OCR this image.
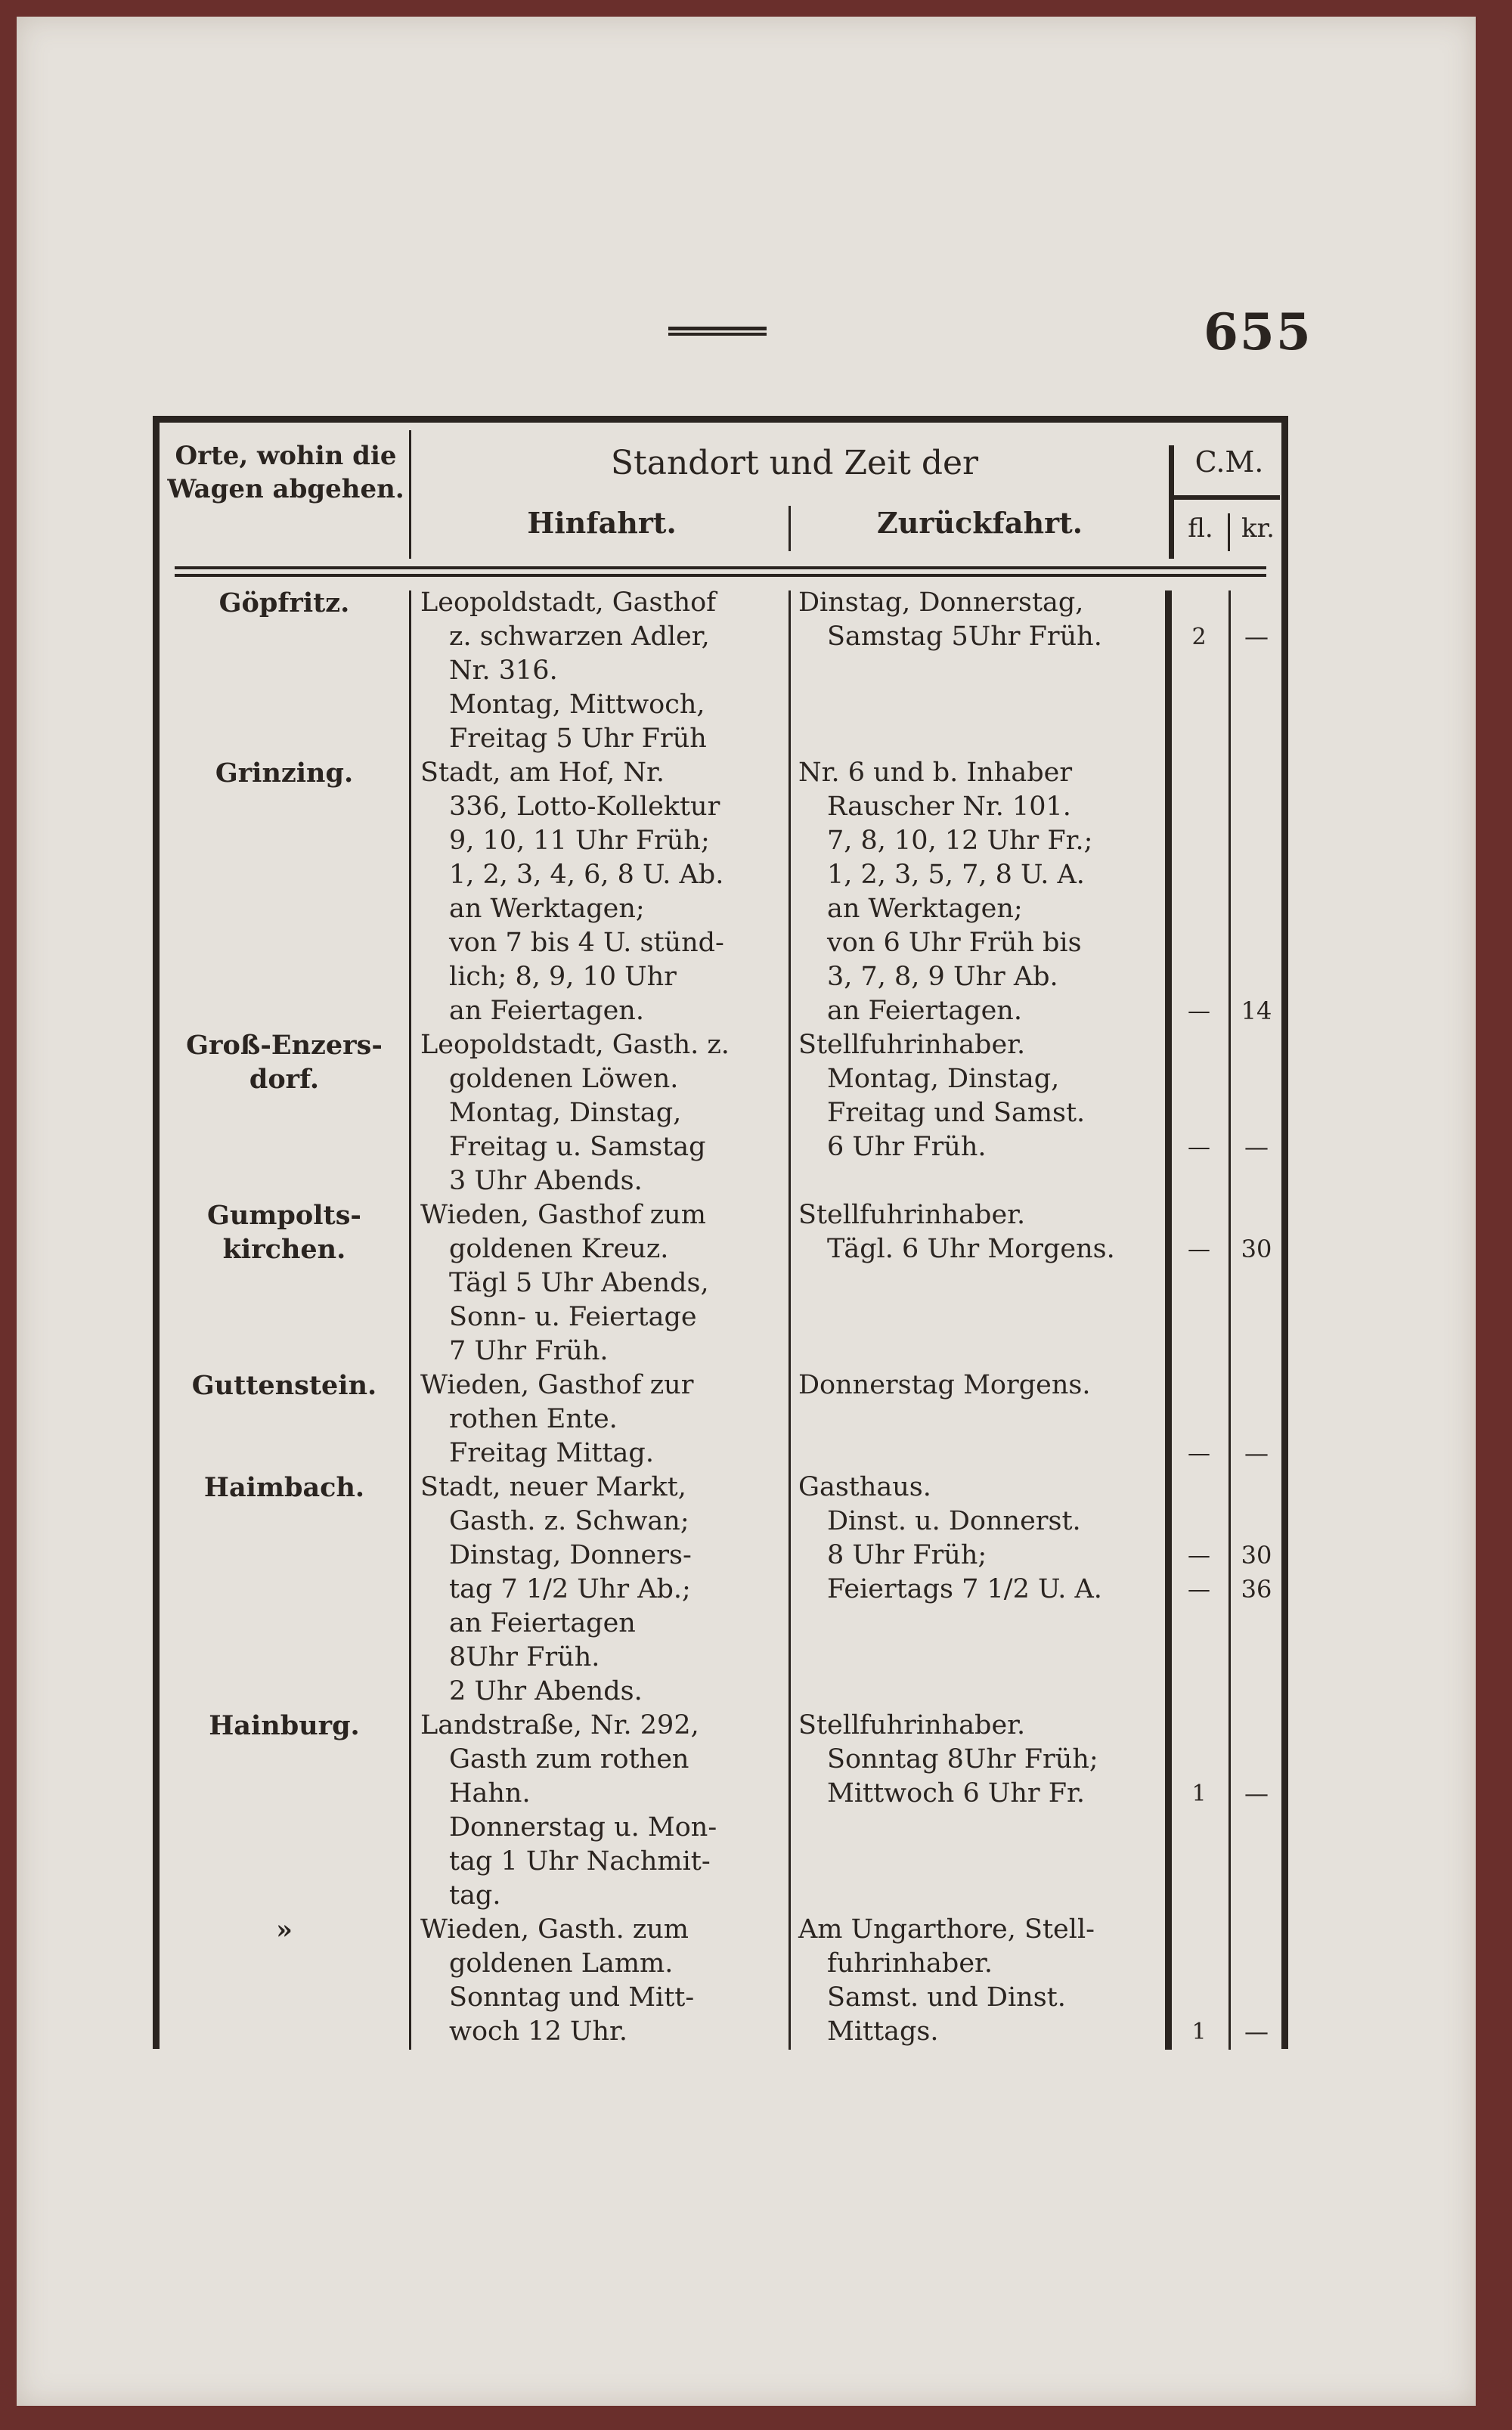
655
Orte, wohin die Wagen abgehen.
Standort und Zeit der
Hinfahrt.	Zurückfahrt.
C.M.
fl.	kr.
Göpfritz.	Leopoldstadt, Gasthof	Dinstag, Donnerstag,
z. schwarzen Adler,	Samstag 5Uhr Früh.	2	—
Nr. 316.
Montag, Mittwoch,
Freitag 5 Uhr Früh
Grinzing.	Stadt, am Hof, Nr.	Nr. 6 und b. Inhaber
336, Lotto-Kollektur	Rauscher Nr. 101.
9, 10, 11 Uhr Früh;	7, 8, 10, 12 Uhr Fr.;
1, 2, 3, 4, 6, 8 U. Ab.	1, 2, 3, 5, 7, 8 U. A.
an Werktagen;	an Werktagen;
von 7 bis 4 U. stünd-	von 6 Uhr Früh bis
lich; 8, 9, 10 Uhr	3, 7, 8, 9 Uhr Ab.
an Feiertagen.	an Feiertagen.	—	14
Groß-Enzers-	Leopoldstadt, Gasth. z.	Stellfuhrinhaber.
dorf.	goldenen Löwen.	Montag, Dinstag,
Montag, Dinstag,	Freitag und Samst.
Freitag u. Samstag	6 Uhr Früh.	—	—
3 Uhr Abends.
Gumpolts-	Wieden, Gasthof zum	Stellfuhrinhaber.
kirchen.	goldenen Kreuz.	Tägl. 6 Uhr Morgens.	—	30
Tägl 5 Uhr Abends,
Sonn- u. Feiertage
7 Uhr Früh.
Guttenstein.	Wieden, Gasthof zur	Donnerstag Morgens.
rothen Ente.
Freitag Mittag.	—	—
Haimbach.	Stadt, neuer Markt,	Gasthaus.
Gasth. z. Schwan;	Dinst. u. Donnerst.
Dinstag, Donners-	8 Uhr Früh;	—	30
tag 7 1/2 Uhr Ab.;	Feiertags 7 1/2 U. A.	—	36
an Feiertagen
8Uhr Früh.
2 Uhr Abends.
Hainburg.	Landstraße, Nr. 292,	Stellfuhrinhaber.
Gasth zum rothen	Sonntag 8Uhr Früh;
Hahn.	Mittwoch 6 Uhr Fr.	1	—
Donnerstag u. Mon-
tag 1 Uhr Nachmit-
tag.
»	Wieden, Gasth. zum	Am Ungarthore, Stell-
goldenen Lamm.	fuhrinhaber.
Sonntag und Mitt-	Samst. und Dinst.
woch 12 Uhr.	Mittags.	1	—
